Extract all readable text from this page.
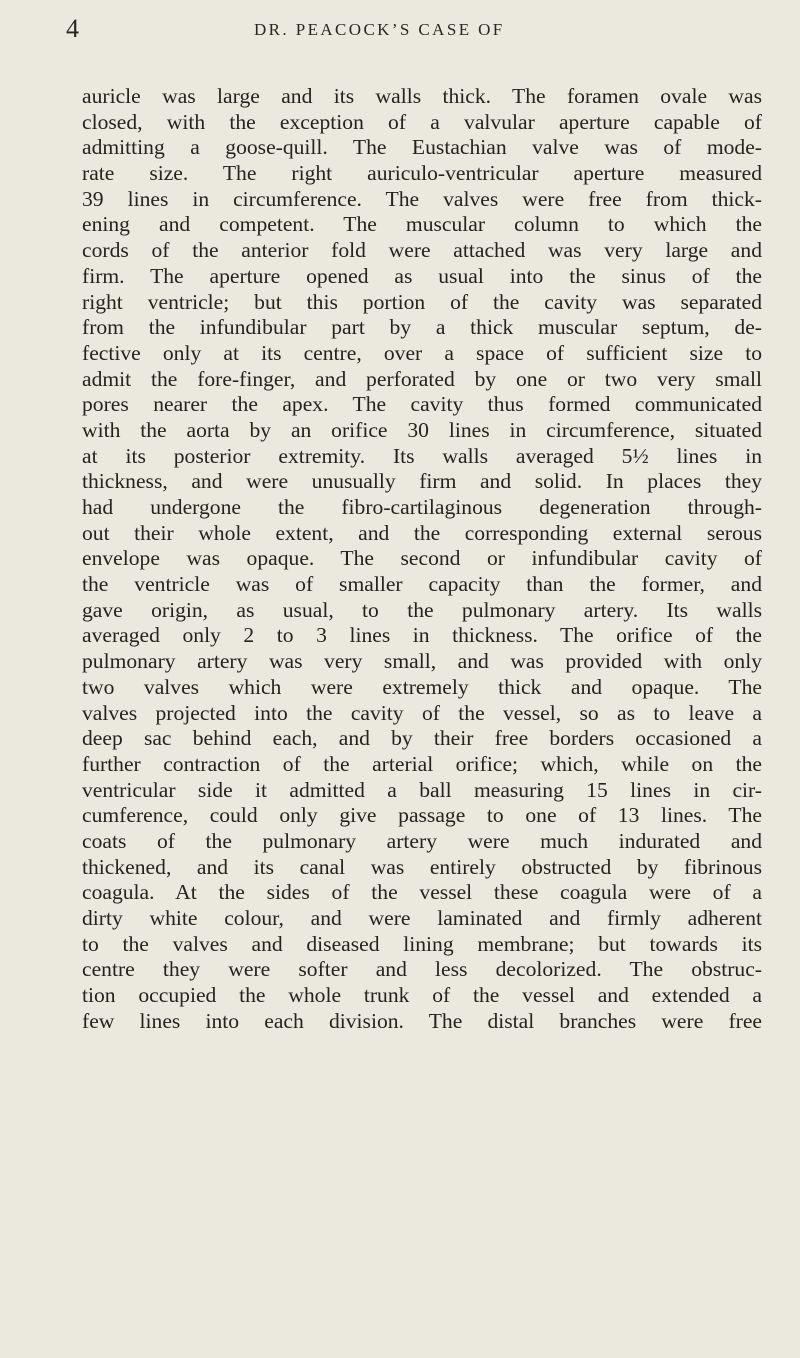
4	DR. PEACOCK’S CASE OF
auricle was large and its walls thick. The foramen ovale was
closed, with the exception of a valvular aperture capable of
admitting a goose-quill. The Eustachian valve was of mode-
rate size. The right auriculo-ventricular aperture measured
39 lines in circumference. The valves were free from thick-
ening and competent. The muscular column to which the
cords of the anterior fold were attached was very large and
firm. The aperture opened as usual into the sinus of the
right ventricle; but this portion of the cavity was separated
from the infundibular part by a thick muscular septum, de-
fective only at its centre, over a space of sufficient size to
admit the fore-finger, and perforated by one or two very small
pores nearer the apex. The cavity thus formed communicated
with the aorta by an orifice 30 lines in circumference, situated
at its posterior extremity. Its walls averaged 5½ lines in
thickness, and were unusually firm and solid. In places they
had undergone the fibro-cartilaginous degeneration through-
out their whole extent, and the corresponding external serous
envelope was opaque. The second or infundibular cavity of
the ventricle was of smaller capacity than the former, and
gave origin, as usual, to the pulmonary artery. Its walls
averaged only 2 to 3 lines in thickness. The orifice of the
pulmonary artery was very small, and was provided with only
two valves which were extremely thick and opaque. The
valves projected into the cavity of the vessel, so as to leave a
deep sac behind each, and by their free borders occasioned a
further contraction of the arterial orifice; which, while on the
ventricular side it admitted a ball measuring 15 lines in cir-
cumference, could only give passage to one of 13 lines. The
coats of the pulmonary artery were much indurated and
thickened, and its canal was entirely obstructed by fibrinous
coagula. At the sides of the vessel these coagula were of a
dirty white colour, and were laminated and firmly adherent
to the valves and diseased lining membrane; but towards its
centre they were softer and less decolorized. The obstruc-
tion occupied the whole trunk of the vessel and extended a
few lines into each division. The distal branches were free
